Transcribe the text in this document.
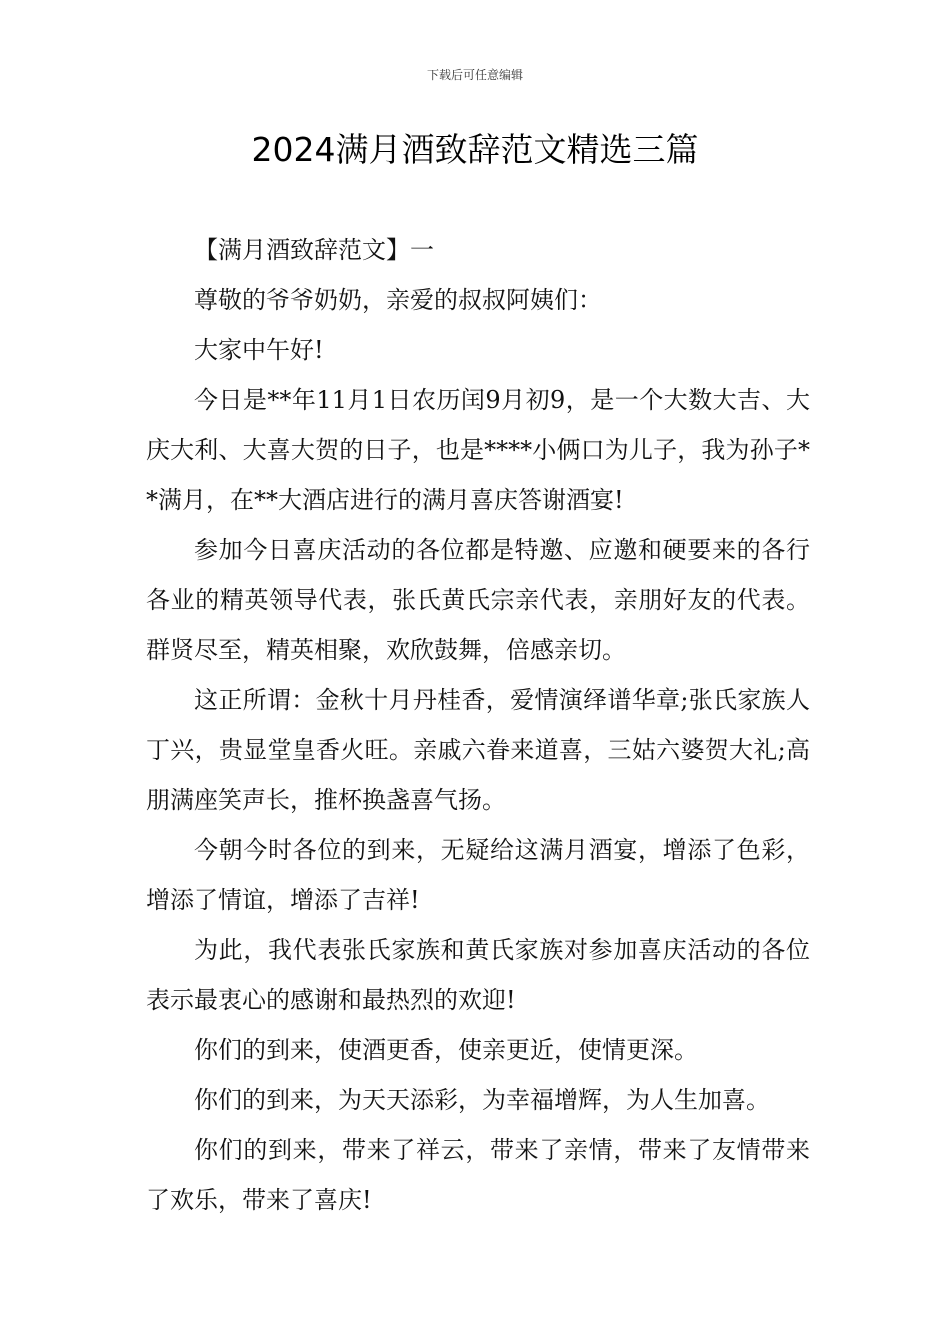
下载后可任意编辑
2024满月酒致辞范文精选三篇

【满月酒致辞范文】一

尊敬的爷爷奶奶，亲爱的叔叔阿姨们：

大家中午好!

今日是**年11月1日农历闰9月初9，是一个大数大吉、大庆大利、大喜大贺的日子，也是****小俩口为儿子，我为孙子**满月，在**大酒店进行的满月喜庆答谢酒宴!

参加今日喜庆活动的各位都是特邀、应邀和硬要来的各行各业的精英领导代表，张氏黄氏宗亲代表，亲朋好友的代表。群贤尽至，精英相聚，欢欣鼓舞，倍感亲切。

这正所谓：金秋十月丹桂香，爱情演绎谱华章;张氏家族人丁兴，贵显堂皇香火旺。亲戚六眷来道喜，三姑六婆贺大礼;高朋满座笑声长，推杯换盏喜气扬。

今朝今时各位的到来，无疑给这满月酒宴，增添了色彩，增添了情谊，增添了吉祥!

为此，我代表张氏家族和黄氏家族对参加喜庆活动的各位表示最衷心的感谢和最热烈的欢迎!

你们的到来，使酒更香，使亲更近，使情更深。

你们的到来，为天天添彩，为幸福增辉，为人生加喜。

你们的到来，带来了祥云，带来了亲情，带来了友情带来了欢乐，带来了喜庆!
